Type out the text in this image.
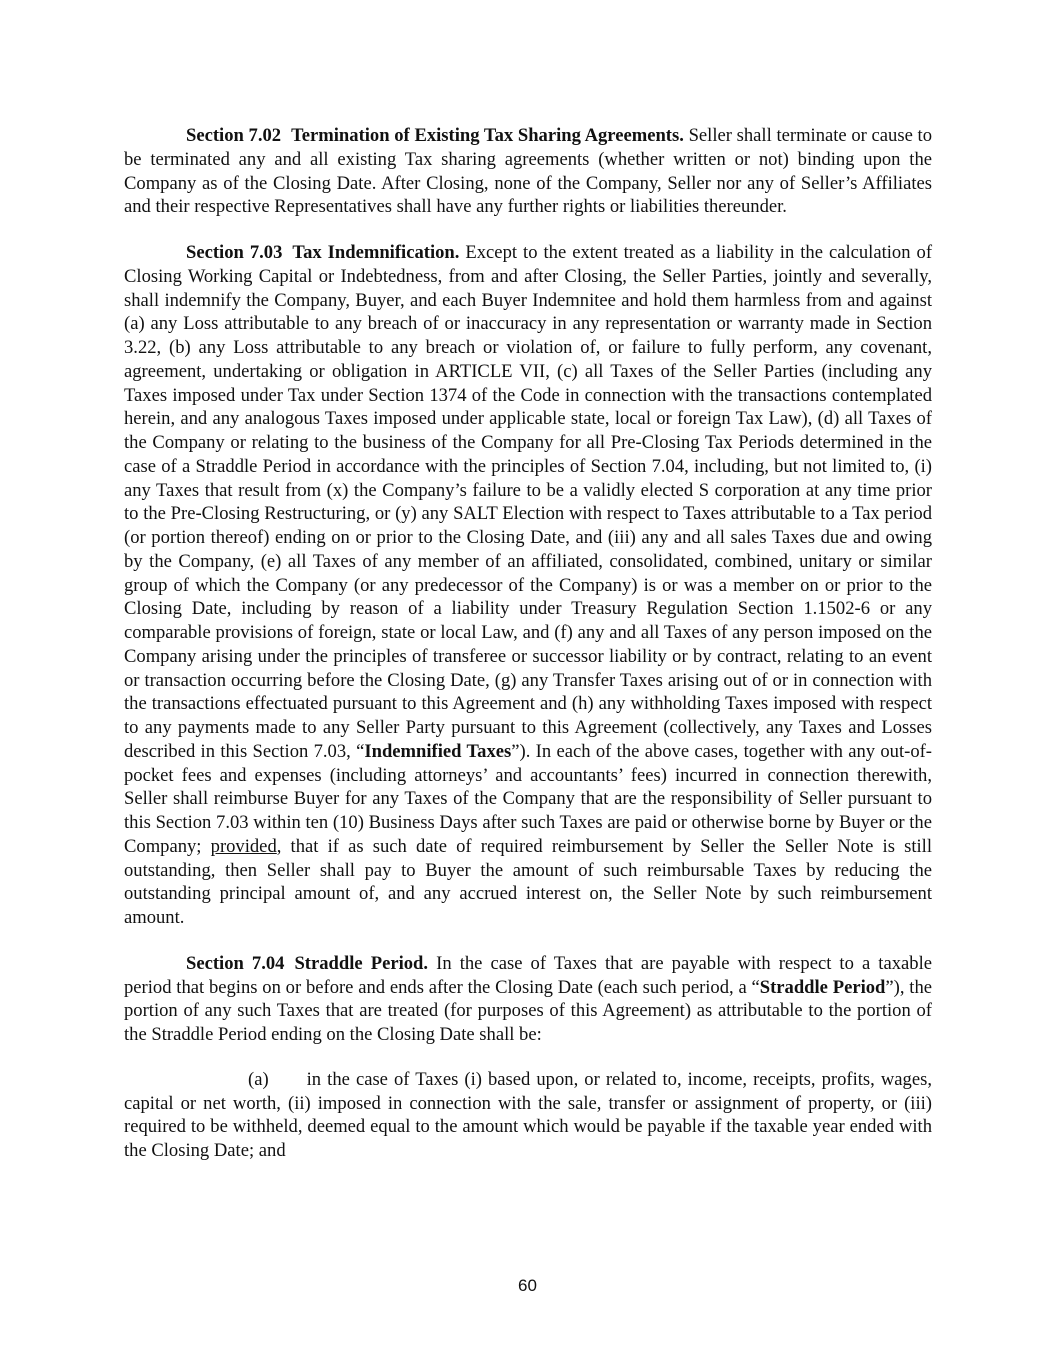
Section 7.02 Termination of Existing Tax Sharing Agreements. Seller shall terminate or cause to be terminated any and all existing Tax sharing agreements (whether written or not) binding upon the Company as of the Closing Date. After Closing, none of the Company, Seller nor any of Seller’s Affiliates and their respective Representatives shall have any further rights or liabilities thereunder.

Section 7.03 Tax Indemnification. Except to the extent treated as a liability in the calculation of Closing Working Capital or Indebtedness, from and after Closing, the Seller Parties, jointly and severally, shall indemnify the Company, Buyer, and each Buyer Indemnitee and hold them harmless from and against (a) any Loss attributable to any breach of or inaccuracy in any representation or warranty made in Section 3.22, (b) any Loss attributable to any breach or violation of, or failure to fully perform, any covenant, agreement, undertaking or obligation in ARTICLE VII, (c) all Taxes of the Seller Parties (including any Taxes imposed under Tax under Section 1374 of the Code in connection with the transactions contemplated herein, and any analogous Taxes imposed under applicable state, local or foreign Tax Law), (d) all Taxes of the Company or relating to the business of the Company for all Pre-Closing Tax Periods determined in the case of a Straddle Period in accordance with the principles of Section 7.04, including, but not limited to, (i) any Taxes that result from (x) the Company’s failure to be a validly elected S corporation at any time prior to the Pre-Closing Restructuring, or (y) any SALT Election with respect to Taxes attributable to a Tax period (or portion thereof) ending on or prior to the Closing Date, and (iii) any and all sales Taxes due and owing by the Company, (e) all Taxes of any member of an affiliated, consolidated, combined, unitary or similar group of which the Company (or any predecessor of the Company) is or was a member on or prior to the Closing Date, including by reason of a liability under Treasury Regulation Section 1.1502-6 or any comparable provisions of foreign, state or local Law, and (f) any and all Taxes of any person imposed on the Company arising under the principles of transferee or successor liability or by contract, relating to an event or transaction occurring before the Closing Date, (g) any Transfer Taxes arising out of or in connection with the transactions effectuated pursuant to this Agreement and (h) any withholding Taxes imposed with respect to any payments made to any Seller Party pursuant to this Agreement (collectively, any Taxes and Losses described in this Section 7.03, “Indemnified Taxes”). In each of the above cases, together with any out-of-pocket fees and expenses (including attorneys’ and accountants’ fees) incurred in connection therewith, Seller shall reimburse Buyer for any Taxes of the Company that are the responsibility of Seller pursuant to this Section 7.03 within ten (10) Business Days after such Taxes are paid or otherwise borne by Buyer or the Company; provided, that if as such date of required reimbursement by Seller the Seller Note is still outstanding, then Seller shall pay to Buyer the amount of such reimbursable Taxes by reducing the outstanding principal amount of, and any accrued interest on, the Seller Note by such reimbursement amount.

Section 7.04 Straddle Period. In the case of Taxes that are payable with respect to a taxable period that begins on or before and ends after the Closing Date (each such period, a “Straddle Period”), the portion of any such Taxes that are treated (for purposes of this Agreement) as attributable to the portion of the Straddle Period ending on the Closing Date shall be:

(a) in the case of Taxes (i) based upon, or related to, income, receipts, profits, wages, capital or net worth, (ii) imposed in connection with the sale, transfer or assignment of property, or (iii) required to be withheld, deemed equal to the amount which would be payable if the taxable year ended with the Closing Date; and

60
